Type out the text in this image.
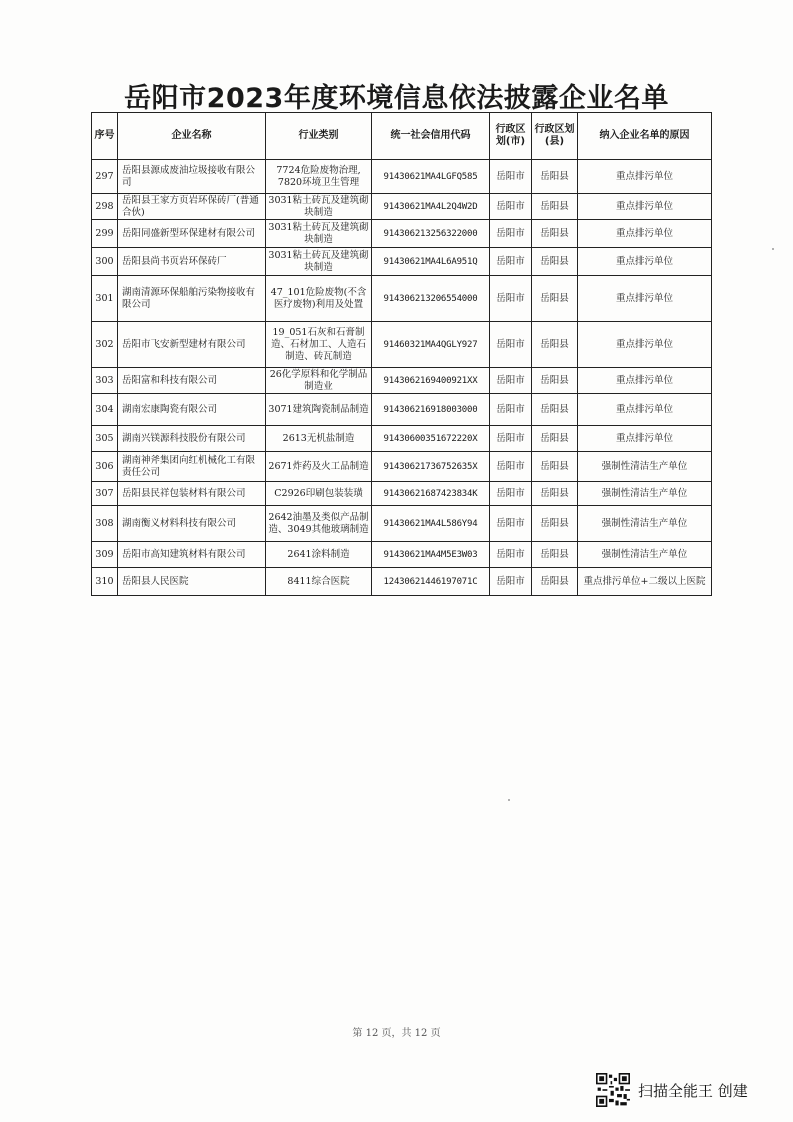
岳阳市2023年度环境信息依法披露企业名单
序号	企业名称	行业类别	统一社会信用代码	行政区划(市)	行政区划(县)	纳入企业名单的原因
297	岳阳县源成废油垃圾接收有限公司	7724危险废物治理, 7820环境卫生管理	91430621MA4LGFQ585	岳阳市	岳阳县	重点排污单位
298	岳阳县王家方页岩环保砖厂(普通合伙)	3031粘土砖瓦及建筑砌块制造	91430621MA4L2Q4W2D	岳阳市	岳阳县	重点排污单位
299	岳阳同盛新型环保建材有限公司	3031粘土砖瓦及建筑砌块制造	914306213256322000	岳阳市	岳阳县	重点排污单位
300	岳阳县尚书页岩环保砖厂	3031粘土砖瓦及建筑砌块制造	91430621MA4L6A951Q	岳阳市	岳阳县	重点排污单位
301	湖南清源环保船舶污染物接收有限公司	47_101危险废物(不含医疗废物)利用及处置	914306213206554000	岳阳市	岳阳县	重点排污单位
302	岳阳市飞安新型建材有限公司	19_051石灰和石膏制造、石材加工、人造石制造、砖瓦制造	91460321MA4QGLY927	岳阳市	岳阳县	重点排污单位
303	岳阳富和科技有限公司	26化学原料和化学制品制造业	9143062169400921XX	岳阳市	岳阳县	重点排污单位
304	湖南宏康陶瓷有限公司	3071建筑陶瓷制品制造	914306216918003000	岳阳市	岳阳县	重点排污单位
305	湖南兴镁源科技股份有限公司	2613无机盐制造	91430600351672220X	岳阳市	岳阳县	重点排污单位
306	湖南神斧集团向红机械化工有限责任公司	2671炸药及火工品制造	91430621736752635X	岳阳市	岳阳县	强制性清洁生产单位
307	岳阳县民祥包装材料有限公司	C2926印刷包装装璜	91430621687423834K	岳阳市	岳阳县	强制性清洁生产单位
308	湖南衡义材料科技有限公司	2642油墨及类似产品制造、3049其他玻璃制造	91430621MA4L586Y94	岳阳市	岳阳县	强制性清洁生产单位
309	岳阳市高知建筑材料有限公司	2641涂料制造	91430621MA4M5E3W03	岳阳市	岳阳县	强制性清洁生产单位
310	岳阳县人民医院	8411综合医院	12430621446197071C	岳阳市	岳阳县	重点排污单位+二级以上医院
第 12 页，共 12 页
扫描全能王 创建
